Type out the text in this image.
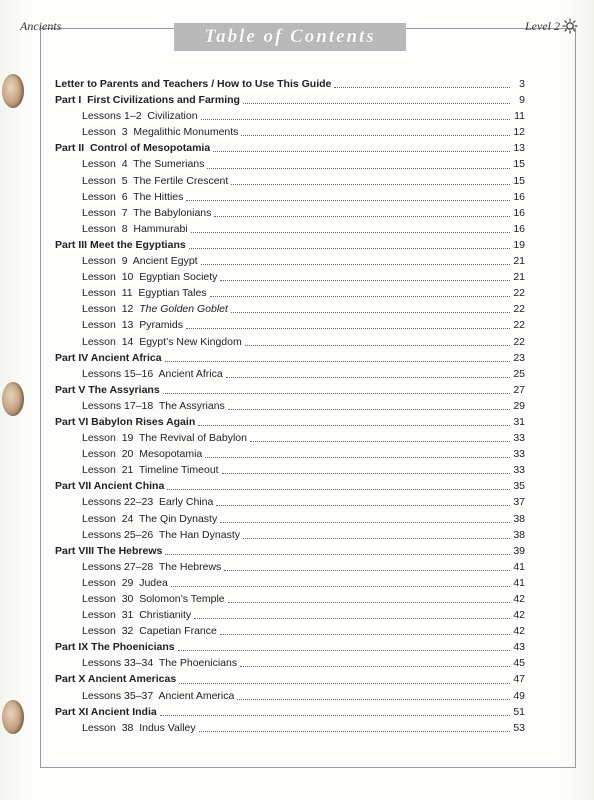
Ancients	Level 2
Table of Contents
Letter to Parents and Teachers / How to Use This Guide	3
Part I  First Civilizations and Farming	9
Lessons 1–2  Civilization	11
Lesson  3  Megalithic Monuments	12
Part II  Control of Mesopotamia	13
Lesson  4  The Sumerians	15
Lesson  5  The Fertile Crescent	15
Lesson  6  The Hitties	16
Lesson  7  The Babylonians	16
Lesson  8  Hammurabi	16
Part III Meet the Egyptians	19
Lesson  9  Ancient Egypt	21
Lesson  10  Egyptian Society	21
Lesson  11  Egyptian Tales	22
Lesson  12  The Golden Goblet	22
Lesson  13  Pyramids	22
Lesson  14  Egypt’s New Kingdom	22
Part IV Ancient Africa	23
Lessons 15–16  Ancient Africa	25
Part V The Assyrians	27
Lessons 17–18  The Assyrians	29
Part VI Babylon Rises Again	31
Lesson  19  The Revival of Babylon	33
Lesson  20  Mesopotamia	33
Lesson  21  Timeline Timeout	33
Part VII Ancient China	35
Lessons 22–23  Early China	37
Lesson  24  The Qin Dynasty	38
Lessons 25–26  The Han Dynasty	38
Part VIII The Hebrews	39
Lessons 27–28  The Hebrews	41
Lesson  29  Judea	41
Lesson  30  Solomon’s Temple	42
Lesson  31  Christianity	42
Lesson  32  Capetian France	42
Part IX The Phoenicians	43
Lessons 33–34  The Phoenicians	45
Part X Ancient Americas	47
Lessons 35–37  Ancient America	49
Part XI Ancient India	51
Lesson  38  Indus Valley	53
